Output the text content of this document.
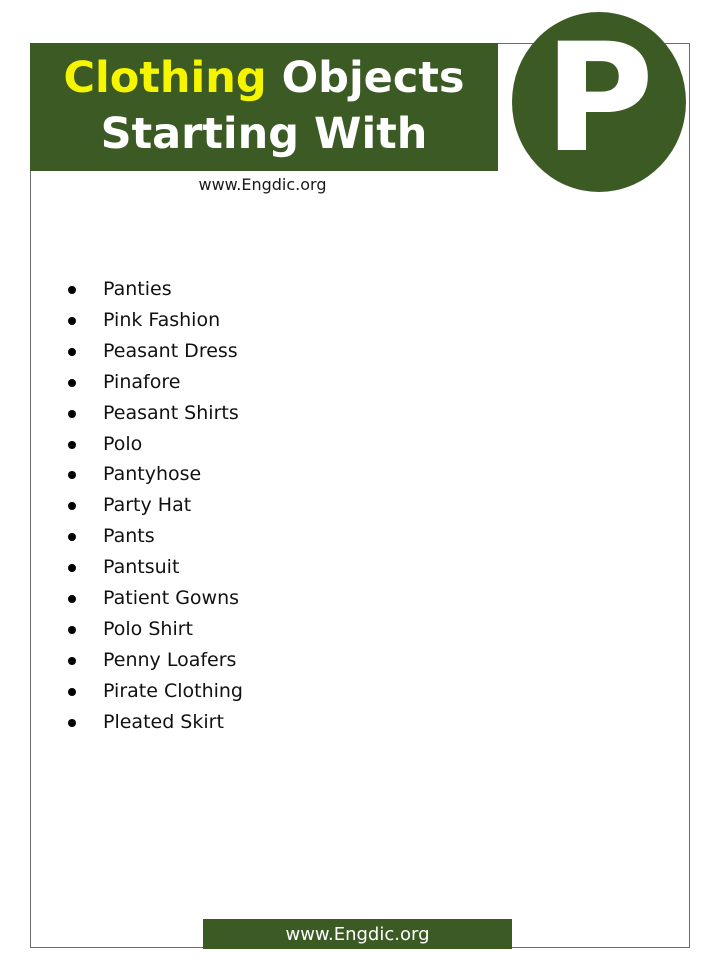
Clothing Objects
Starting With P
www.Engdic.org
Panties
Pink Fashion
Peasant Dress
Pinafore
Peasant Shirts
Polo
Pantyhose
Party Hat
Pants
Pantsuit
Patient Gowns
Polo Shirt
Penny Loafers
Pirate Clothing
Pleated Skirt
www.Engdic.org
